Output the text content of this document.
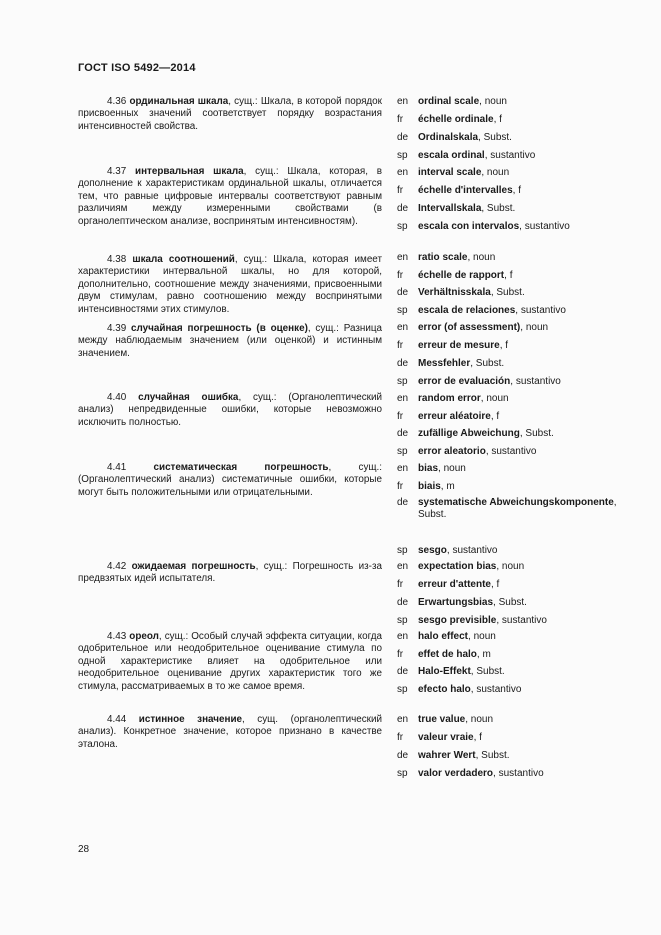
ГОСТ ISO 5492—2014
4.36 ординальная шкала, сущ.: Шкала, в которой порядок присвоенных значений соответствует порядку возрастания интенсивностей свойства.
en ordinal scale, noun
fr échelle ordinale, f
de Ordinalskala, Subst.
sp escala ordinal, sustantivo
4.37 интервальная шкала, сущ.: Шкала, которая, в дополнение к характеристикам ординальной шкалы, отличается тем, что равные цифровые интервалы соответствуют равным различиям между измеренными свойствами (в органолептическом анализе, воспринятым интенсивностям).
en interval scale, noun
fr échelle d'intervalles, f
de Intervallskala, Subst.
sp escala con intervalos, sustantivo
4.38 шкала соотношений, сущ.: Шкала, которая имеет характеристики интервальной шкалы, но для которой, дополнительно, соотношение между значениями, присвоенными двум стимулам, равно соотношению между воспринятыми интенсивностями этих стимулов.
en ratio scale, noun
fr échelle de rapport, f
de Verhältnisskala, Subst.
sp escala de relaciones, sustantivo
4.39 случайная погрешность (в оценке), сущ.: Разница между наблюдаемым значением (или оценкой) и истинным значением.
en error (of assessment), noun
fr erreur de mesure, f
de Messfehler, Subst.
sp error de evaluación, sustantivo
4.40 случайная ошибка, сущ.: (Органолептический анализ) непредвиденные ошибки, которые невозможно исключить полностью.
en random error, noun
fr erreur aléatoire, f
de zufällige Abweichung, Subst.
sp error aleatorio, sustantivo
4.41	систематическая погрешность, сущ.: (Органолептический анализ) систематичные ошибки, которые могут быть положительными или отрицательными.
en bias, noun
fr biais, m
de systematische Abweichungskomponente,
Subst.
sp sesgo, sustantivo
4.42 ожидаемая погрешность, сущ.: Погрешность из-за предвзятых идей испытателя.
en expectation bias, noun
fr erreur d'attente, f
de Erwartungsbias, Subst.
sp sesgo previsible, sustantivo
4.43 ореол, сущ.: Особый случай эффекта ситуации, когда одобрительное или неодобрительное оценивание стимула по одной характеристике влияет на одобрительное или неодобрительное оценивание других характеристик того же стимула, рассматриваемых в то же самое время.
en halo effect, noun
fr effet de halo, m
de Halo-Effekt, Subst.
sp efecto halo, sustantivo
4.44 истинное значение, сущ. (органолептический анализ). Конкретное значение, которое признано в качестве эталона.
en true value, noun
fr valeur vraie, f
de wahrer Wert, Subst.
sp valor verdadero, sustantivo
28
